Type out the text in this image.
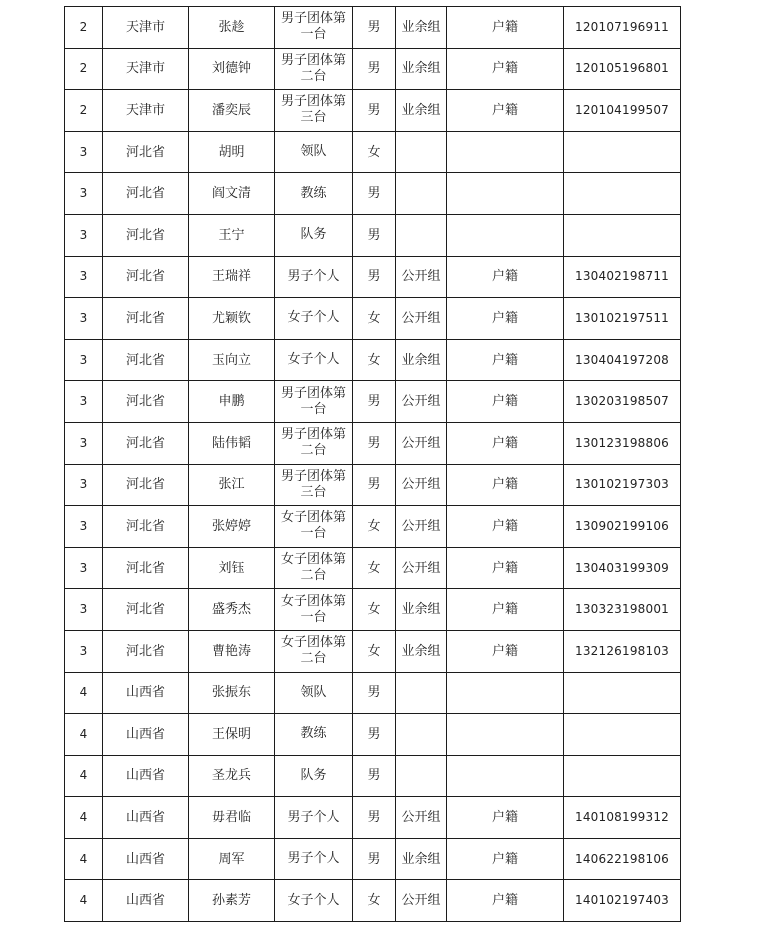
2	天津市	张趁	男子团体第一台	男	业余组	户籍	120107196911
2	天津市	刘德钟	男子团体第二台	男	业余组	户籍	120105196801
2	天津市	潘奕辰	男子团体第三台	男	业余组	户籍	120104199507
3	河北省	胡明	领队	女			
3	河北省	阎文清	教练	男			
3	河北省	王宁	队务	男			
3	河北省	王瑞祥	男子个人	男	公开组	户籍	130402198711
3	河北省	尤颖钦	女子个人	女	公开组	户籍	130102197511
3	河北省	玉向立	女子个人	女	业余组	户籍	130404197208
3	河北省	申鹏	男子团体第一台	男	公开组	户籍	130203198507
3	河北省	陆伟韬	男子团体第二台	男	公开组	户籍	130123198806
3	河北省	张江	男子团体第三台	男	公开组	户籍	130102197303
3	河北省	张婷婷	女子团体第一台	女	公开组	户籍	130902199106
3	河北省	刘钰	女子团体第二台	女	公开组	户籍	130403199309
3	河北省	盛秀杰	女子团体第一台	女	业余组	户籍	130323198001
3	河北省	曹艳涛	女子团体第二台	女	业余组	户籍	132126198103
4	山西省	张振东	领队	男			
4	山西省	王保明	教练	男			
4	山西省	圣龙兵	队务	男			
4	山西省	毋君临	男子个人	男	公开组	户籍	140108199312
4	山西省	周军	男子个人	男	业余组	户籍	140622198106
4	山西省	孙素芳	女子个人	女	公开组	户籍	140102197403
